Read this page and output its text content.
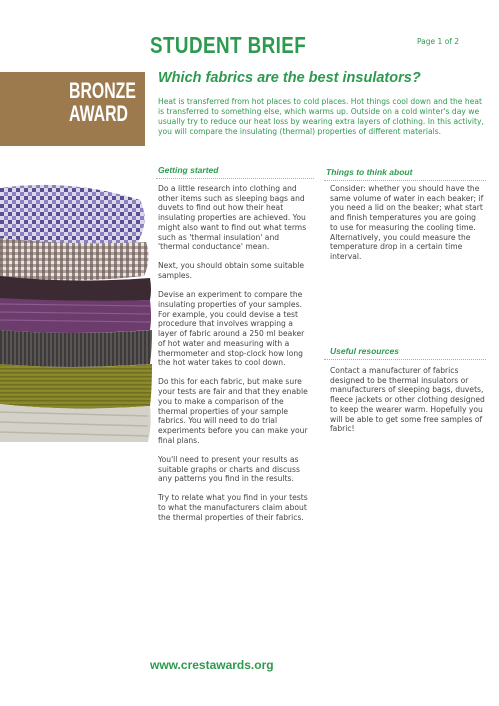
STUDENT BRIEF	Page 1 of 2
BRONZE
AWARD
Which fabrics are the best insulators?

Heat is transferred from hot places to cold places. Hot things cool down and the heat is transferred to something else, which warms up. Outside on a cold winter's day we usually try to reduce our heat loss by wearing extra layers of clothing. In this activity, you will compare the insulating (thermal) properties of different materials.

Getting started

Do a little research into clothing and other items such as sleeping bags and duvets to find out how their heat insulating properties are achieved. You might also want to find out what terms such as 'thermal insulation' and 'thermal conductance' mean.

Next, you should obtain some suitable samples.

Devise an experiment to compare the insulating properties of your samples. For example, you could devise a test procedure that involves wrapping a layer of fabric around a 250 ml beaker of hot water and measuring with a thermometer and stop-clock how long the hot water takes to cool down.

Do this for each fabric, but make sure your tests are fair and that they enable you to make a comparison of the thermal properties of your sample fabrics. You will need to do trial experiments before you can make your final plans.

You'll need to present your results as suitable graphs or charts and discuss any patterns you find in the results.

Try to relate what you find in your tests to what the manufacturers claim about the thermal properties of their fabrics.

Things to think about

Consider: whether you should have the same volume of water in each beaker; if you need a lid on the beaker; what start and finish temperatures you are going to use for measuring the cooling time. Alternatively, you could measure the temperature drop in a certain time interval.

Useful resources

Contact a manufacturer of fabrics designed to be thermal insulators or manufacturers of sleeping bags, duvets, fleece jackets or other clothing designed to keep the wearer warm. Hopefully you will be able to get some free samples of fabric!

www.crestawards.org
